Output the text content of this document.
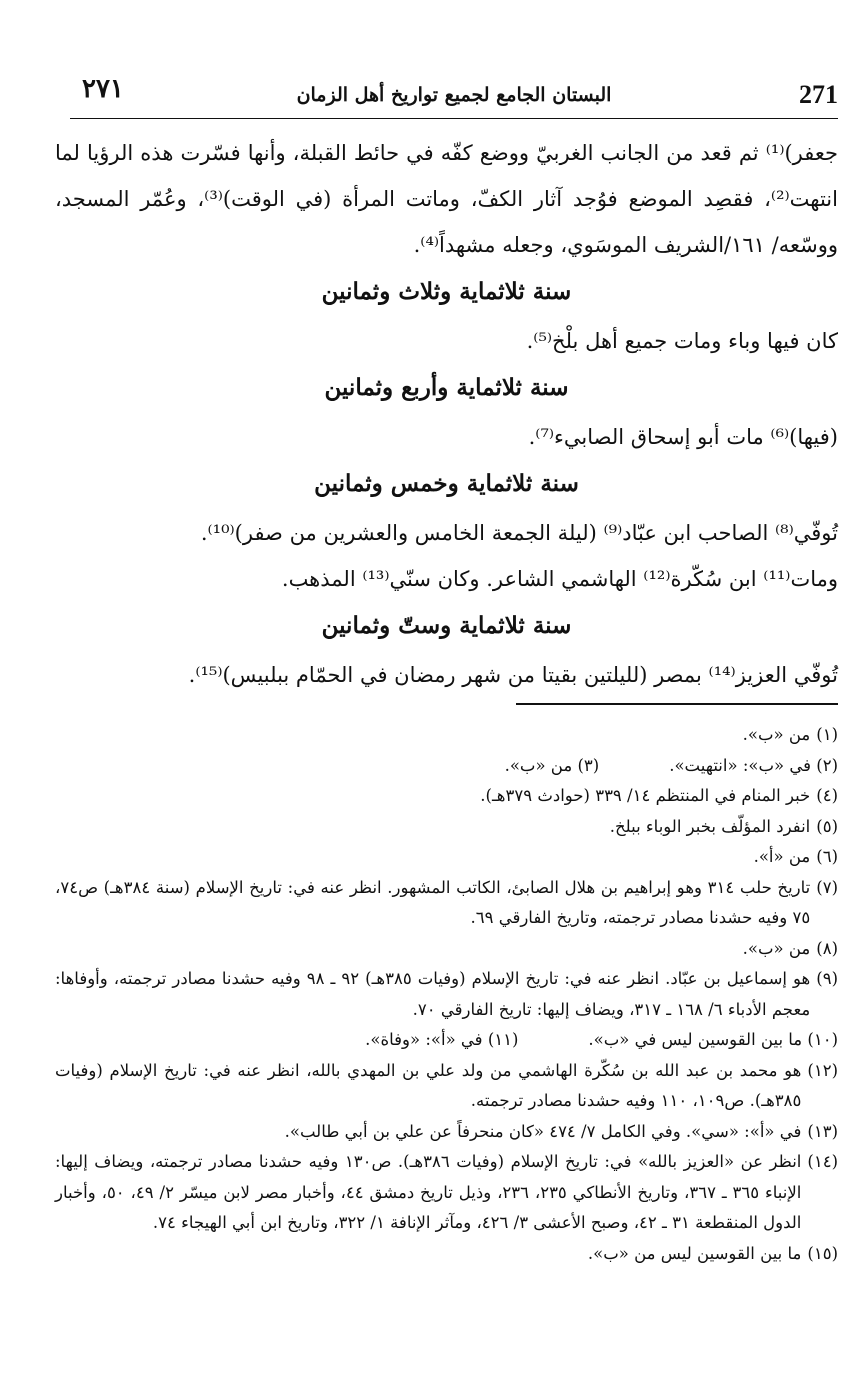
٢٧١	البستان الجامع لجميع تواريخ أهل الزمان	271

جعفر)⁽¹⁾ ثم قعد من الجانب الغربيّ ووضع كفّه في حائط القبلة، وأنها فسّرت هذه الرؤيا لما انتهت⁽²⁾، فقصِد الموضع فوُجد آثار الكفّ، وماتت المرأة (في الوقت)⁽³⁾، وعُمّر المسجد، ووسّعه/ ١٦١/الشريف الموسَوي، وجعله مشهداً⁽⁴⁾.

سنة ثلاثماية وثلاث وثمانين

كان فيها وباء ومات جميع أهل بلْخ⁽⁵⁾.

سنة ثلاثماية وأربع وثمانين

(فيها)⁽⁶⁾ مات أبو إسحاق الصابيء⁽⁷⁾.

سنة ثلاثماية وخمس وثمانين

تُوفّي⁽⁸⁾ الصاحب ابن عبّاد⁽⁹⁾ (ليلة الجمعة الخامس والعشرين من صفر)⁽¹⁰⁾.

ومات⁽¹¹⁾ ابن سُكّرة⁽¹²⁾ الهاشمي الشاعر. وكان سنّي⁽¹³⁾ المذهب.

سنة ثلاثماية وستّ وثمانين

تُوفّي العزيز⁽¹⁴⁾ بمصر (لليلتين بقيتا من شهر رمضان في الحمّام ببلبيس)⁽¹⁵⁾.

(١)
من «ب».
(٢) في «ب»: «انتهيت».
(٣) من «ب».
(٤)
خبر المنام في المنتظم ١٤/ ٣٣٩ (حوادث ٣٧٩هـ).
(٥)
انفرد المؤلّف بخبر الوباء ببلخ.
(٦)
من «أ».
(٧)
تاريخ حلب ٣١٤ وهو إبراهيم بن هلال الصابئ، الكاتب المشهور. انظر عنه في: تاريخ الإسلام (سنة ٣٨٤هـ) ص٧٤، ٧٥ وفيه حشدنا مصادر ترجمته، وتاريخ الفارقي ٦٩.
(٨)
من «ب».
(٩)
هو إسماعيل بن عبّاد. انظر عنه في: تاريخ الإسلام (وفيات ٣٨٥هـ) ٩٢ ـ ٩٨ وفيه حشدنا مصادر ترجمته، وأوفاها: معجم الأدباء ٦/ ١٦٨ ـ ٣١٧، ويضاف إليها: تاريخ الفارقي ٧٠.
(١٠) ما بين القوسين ليس في «ب».
(١١) في «أ»: «وفاة».
(١٢)
هو محمد بن عبد الله بن سُكّرة الهاشمي من ولد علي بن المهدي بالله، انظر عنه في: تاريخ الإسلام (وفيات ٣٨٥هـ). ص١٠٩، ١١٠ وفيه حشدنا مصادر ترجمته.
(١٣)
في «أ»: «سي». وفي الكامل ٧/ ٤٧٤ «كان منحرفاً عن علي بن أبي طالب».
(١٤)
انظر عن «العزيز بالله» في: تاريخ الإسلام (وفيات ٣٨٦هـ). ص١٣٠ وفيه حشدنا مصادر ترجمته، ويضاف إليها: الإنباء ٣٦٥ ـ ٣٦٧، وتاريخ الأنطاكي ٢٣٥، ٢٣٦، وذيل تاريخ دمشق ٤٤، وأخبار مصر لابن ميسّر ٢/ ٤٩، ٥٠، وأخبار الدول المنقطعة ٣١ ـ ٤٢، وصبح الأعشى ٣/ ٤٢٦، ومآثر الإنافة ١/ ٣٢٢، وتاريخ ابن أبي الهيجاء ٧٤.
(١٥)
ما بين القوسين ليس من «ب».
